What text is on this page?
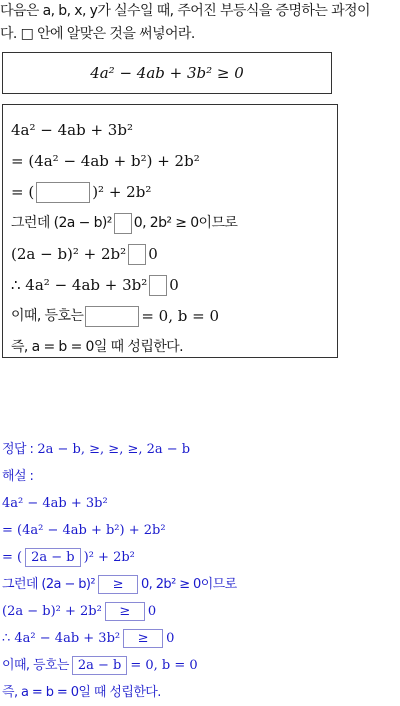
다음은 a, b, x, y가 실수일 때, 주어진 부등식을 증명하는 과정이
다. □ 안에 알맞은 것을 써넣어라.
4a² − 4ab + 3b² ≥ 0
4a² − 4ab + 3b²
= (4a² − 4ab + b²) + 2b²
= (	)² + 2b²
그런데 (2a − b)² 0, 2b² ≥ 0이므로
(2a − b)² + 2b² 0
∴ 4a² − 4ab + 3b² 0
이때, 등호는	= 0, b = 0
즉, a = b = 0일 때 성립한다.
정답 :
2a − b, ≥, ≥, ≥, 2a − b
해설 :
4a² − 4ab + 3b²
= (4a² − 4ab + b²) + 2b²
= ( 2a − b )² + 2b²
그런데 (2a − b)²	≥	0, 2b² ≥ 0이므로
(2a − b)² + 2b²	≥	0
∴ 4a² − 4ab + 3b²	≥	0
이때, 등호는 2a − b = 0, b = 0
즉, a = b = 0일 때 성립한다.
